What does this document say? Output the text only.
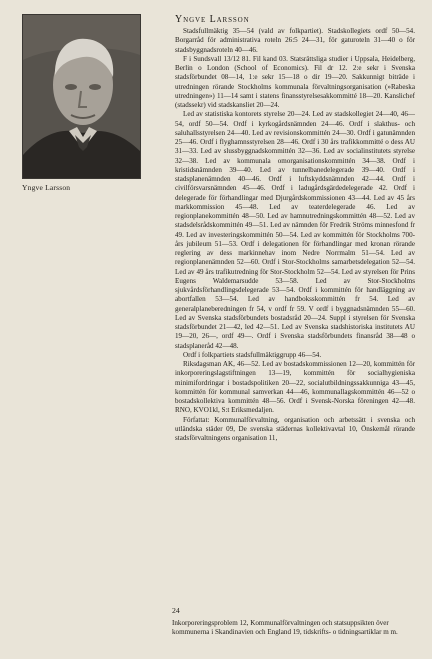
Yngve Larsson
Yngve Larsson

Stadsfullmäktig 35—54 (vald av folkpartiet). Stadskollegiets ordf 50—54. Borgarråd för administrativa roteln 26:5 24—31, för gaturoteln 31—40 o för stadsbyggnadsroteln 40—46.

F i Sundsvall 13/12 81. Fil kand 03. Statsrättsliga studier i Uppsala, Heidelberg, Berlin o London (School of Economics). Fil dr 12. 2:e sekr i Svenska stadsförbundet 08—14, 1:e sekr 15—18 o dir 19—20. Sakkunnigt biträde i utredningen rörande Stockholms kommunala förvaltningsorganisation (»Rabeska utredningen») 11—14 samt i statens finansstyrelsesakkommitté 18—20. Kanslichef (stadssekr) vid stadskansliet 20—24.

Led av statistiska kontorets styrelse 20—24. Led av stadskollegiet 24—40, 46—54, ordf 50—54. Ordf i kyrkogårdsnämnden 24—46. Ordf i slakthus- och saluhallsstyrelsen 24—40. Led av revisionskommittén 24—30. Ordf i gatunämnden 25—46. Ordf i flyghamnsstyrelsen 28—46. Ordf i 30 års trafikkommitté o dess AU 31—33. Led av slussbyggnadskommittén 32—36. Led av socialinstitutets styrelse 32—38. Led av kommunala omorganisationskommittén 34—38. Ordf i kristidsnämnden 39—40. Led av tunnelbanedelegerade 39—40. Ordf i stadsplanenämnden 40—46. Ordf i luftskyddsnämnden 42—44. Ordf i civilförsvarsnämnden 45—46. Ordf i ladugårdsgärdedelegerade 42. Ordf i delegerade för förhandlingar med Djurgårdskommissionen 43—44. Led av 45 års markkommission 45—48. Led av teaterdelegerade 46. Led av regionplanekommittén 48—50. Led av hamnutredningskommittén 48—52. Led av stadsdelsrådskommittén 49—51. Led av nämnden för Fredrik Ströms minnesfond fr 49. Led av investeringskommittén 50—54. Led av kommittén för Stockholms 700-års jubileum 51—53. Ordf i delegationen för förhandlingar med kronan rörande reglering av dess markinnehav inom Nedre Norrmalm 51—54. Led av regionplanenämnden 52—60. Ordf i Stor-Stockholms samarbetsdelegation 52—54. Led av 49 års trafikutredning för Stor-Stockholm 52—54. Led av styrelsen för Prins Eugens Waldemarsudde 53—58. Led av Stor-Stockholms sjukvårdsförhandlingsdelegerade 53—54. Ordf i kommittén för handläggning av abortfallen 53—54. Led av handboksskommittén fr 54. Led av generalplaneberedningen fr 54, v ordf fr 59. V ordf i byggnadsnämnden 55—60. Led av Svenska stadsförbundets bostadsråd 20—24. Suppl i styrelsen för Svenska stadsförbundet 21—42, led 42—51. Led av Svenska stadshistoriska institutets AU 19—20, 26—, ordf 49—. Ordf i Svenska stadsförbundets finansråd 38—48 o stadsplaneråd 42—48.

Ordf i folkpartiets stadsfullmäktiggrupp 46—54.

Riksdagsman AK, 46—52. Led av bostadskommissionen 12—20, kommittén för inkorporeringslagstiftningen 13—19, kommittén för socialhygieniska minimifordringar i bostadspolitiken 20—22, socialutbildningssakkunniga 43—45, kommittén för kommunal samverkan 44—46, kommunallagskommittén 46—52 o bostadskollektiva kommittén 48—56. Ordf i Svensk-Norska föreningen 42—48. RNO, KVO1kl, S:t Eriksmedaljen.

Författat: Kommunalförvaltning, organisation och arbetssätt i svenska och utländska städer 09, De svenska städernas kollektivavtal 10, Önskemål rörande stadsförvaltningens organisation 11,

24
Inkorporeringsproblem 12, Kommunalförvaltningen och statsuppsikten över kommunerna i Skandinavien och England 19, tidskrifts- o tidningsartiklar m m.
